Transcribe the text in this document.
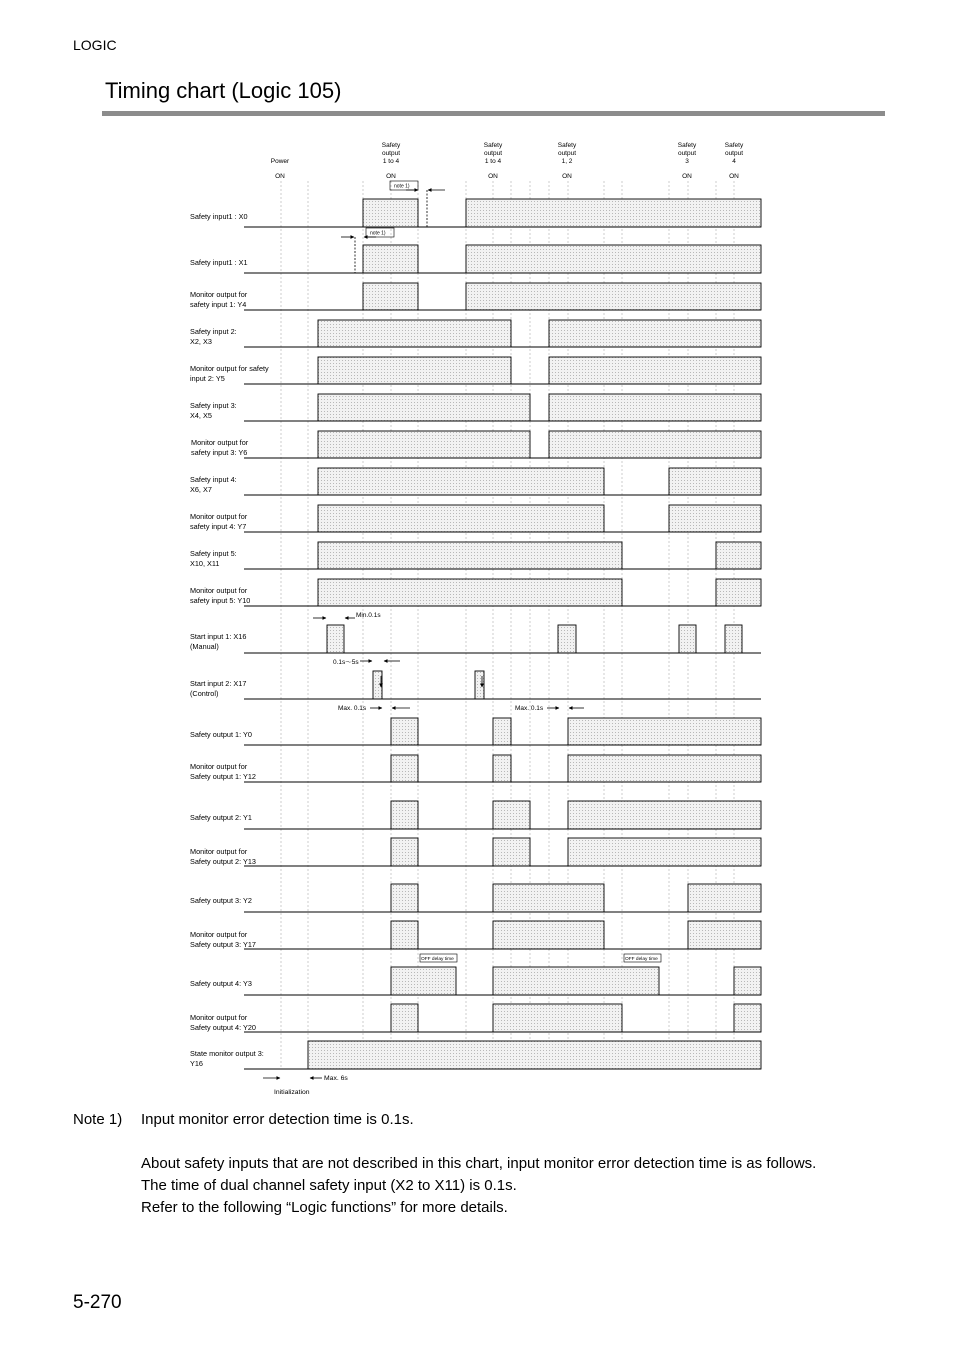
LOGIC
Timing chart (Logic 105)
Safety input1 : X0
Safety input1 : X1
Monitor output for
safety input 1: Y4
Safety input 2:
X2, X3
Monitor output for safety
input 2: Y5
Safety input 3:
X4, X5
Monitor output for
safety input 3: Y6
Safety input 4:
X6, X7
Monitor output for
safety input 4: Y7
Safety input 5:
X10, X11
Monitor output for
safety input 5: Y10
Start input 1: X16
(Manual)
Start input 2: X17
(Control)
Safety output 1: Y0
Monitor output for
Safety output 1: Y12
Safety output 2: Y1
Monitor output for
Safety output 2: Y13
Safety output 3: Y2
Monitor output for
Safety output 3: Y17
Safety output 4: Y3
Monitor output for
Safety output 4: Y20
State monitor output 3:
Y16
Power
ON
Safety
output
1 to 4
ON
Safety
output
1 to 4
ON
Safety
output
1, 2
ON
Safety
output
3
ON
Safety
output
4
ON
note 1)
note 1)
Min.0.1s
0.1s〜5s
Max. 0.1s	Max. 0.1s
OFF delay time	OFF delay time
Max. 6s
Initialization
Note 1) Input monitor error detection time is 0.1s.
About safety inputs that are not described in this chart, input monitor error detection time is as follows.
The time of dual channel safety input (X2 to X11) is 0.1s.
Refer to the following “Logic functions” for more details.
5-270
